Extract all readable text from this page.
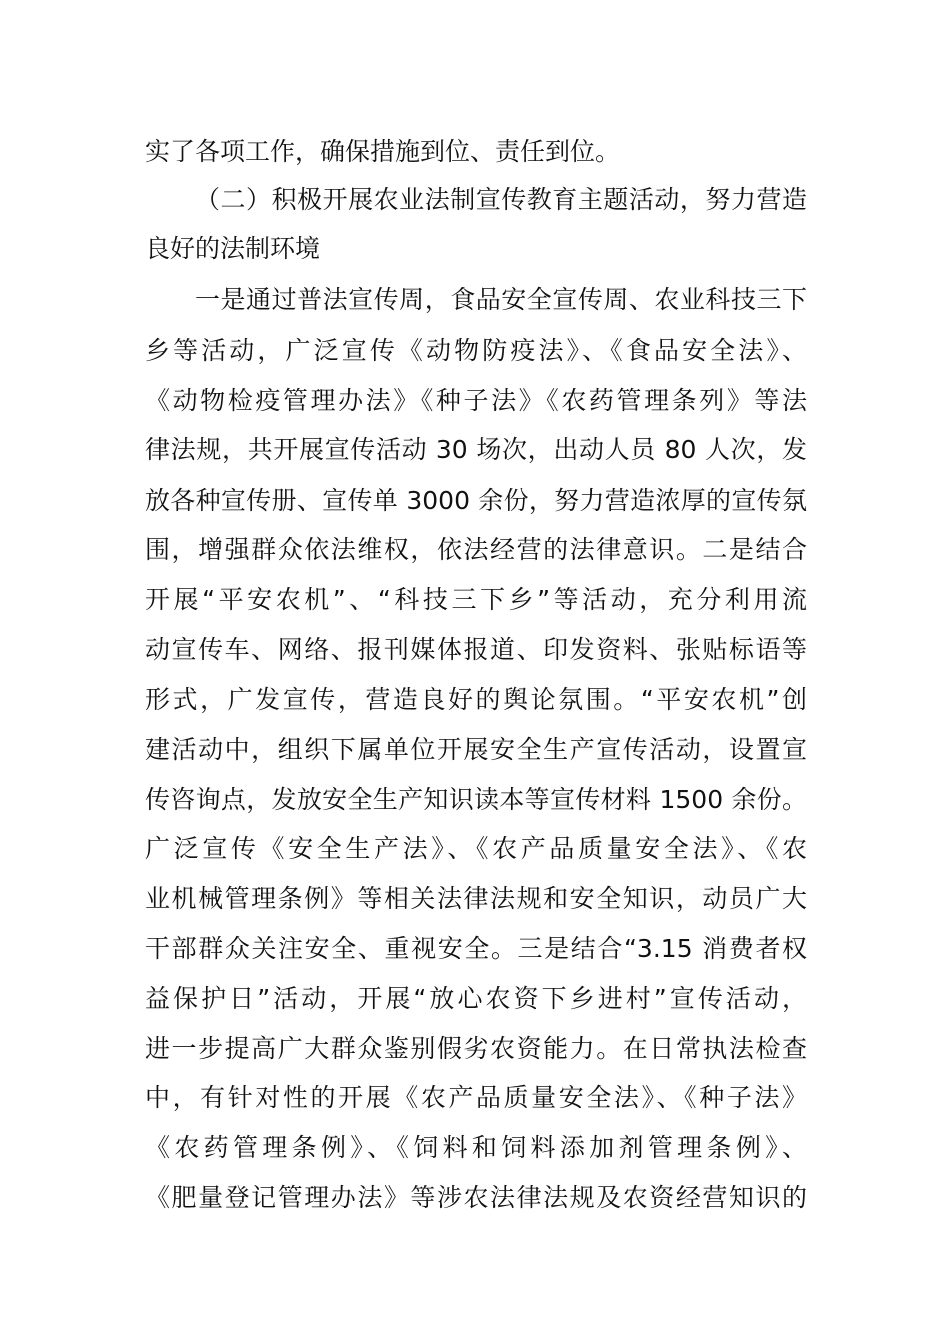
实了各项工作，确保措施到位、责任到位。
（二）积极开展农业法制宣传教育主题活动，努力营造
良好的法制环境
一是通过普法宣传周，食品安全宣传周、农业科技三下
乡等活动，广泛宣传《动物防疫法》、《食品安全法》、
《动物检疫管理办法》《种子法》《农药管理条列》等法
律法规，共开展宣传活动 30 场次，出动人员 80 人次，发
放各种宣传册、宣传单 3000 余份，努力营造浓厚的宣传氛
围，增强群众依法维权，依法经营的法律意识。二是结合
开展“平安农机”、“科技三下乡”等活动，充分利用流
动宣传车、网络、报刊媒体报道、印发资料、张贴标语等
形式，广发宣传，营造良好的舆论氛围。“平安农机”创
建活动中，组织下属单位开展安全生产宣传活动，设置宣
传咨询点，发放安全生产知识读本等宣传材料 1500 余份。
广泛宣传《安全生产法》、《农产品质量安全法》、《农
业机械管理条例》等相关法律法规和安全知识，动员广大
干部群众关注安全、重视安全。三是结合“3.15 消费者权
益保护日”活动，开展“放心农资下乡进村”宣传活动，
进一步提高广大群众鉴别假劣农资能力。在日常执法检查
中，有针对性的开展《农产品质量安全法》、《种子法》
《农药管理条例》、《饲料和饲料添加剂管理条例》、
《肥量登记管理办法》等涉农法律法规及农资经营知识的
